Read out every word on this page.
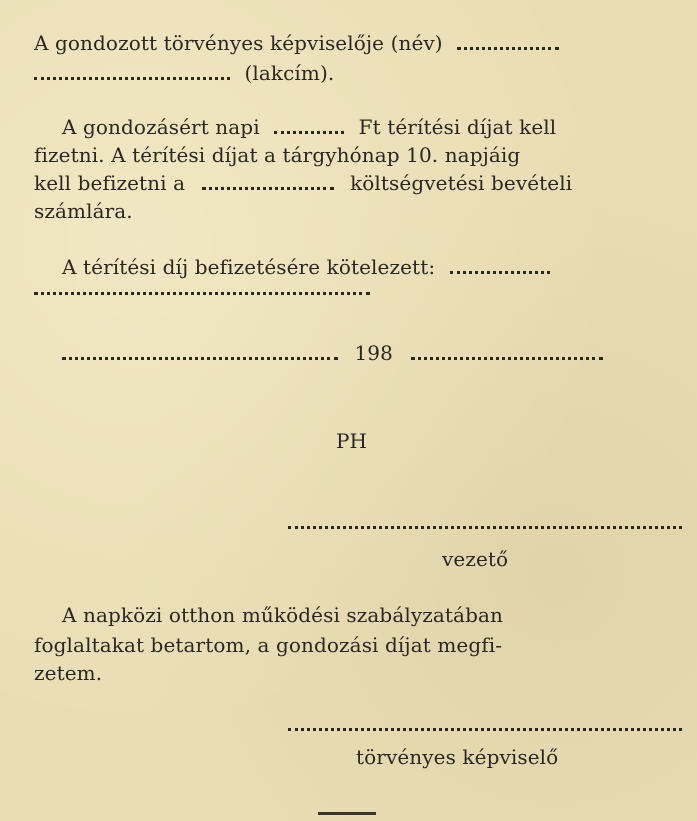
A gondozott törvényes képviselője (név)
(lakcím).
A gondozásért napi	Ft térítési díjat kell
fizetni. A térítési díjat a tárgyhónap 10. napjáig
kell befizetni a	költségvetési bevételi
számlára.
A térítési díj befizetésére kötelezett:
198
PH
vezető
A napközi otthon működési szabályzatában
foglaltakat betartom, a gondozási díjat megfi-
zetem.
törvényes képviselő
